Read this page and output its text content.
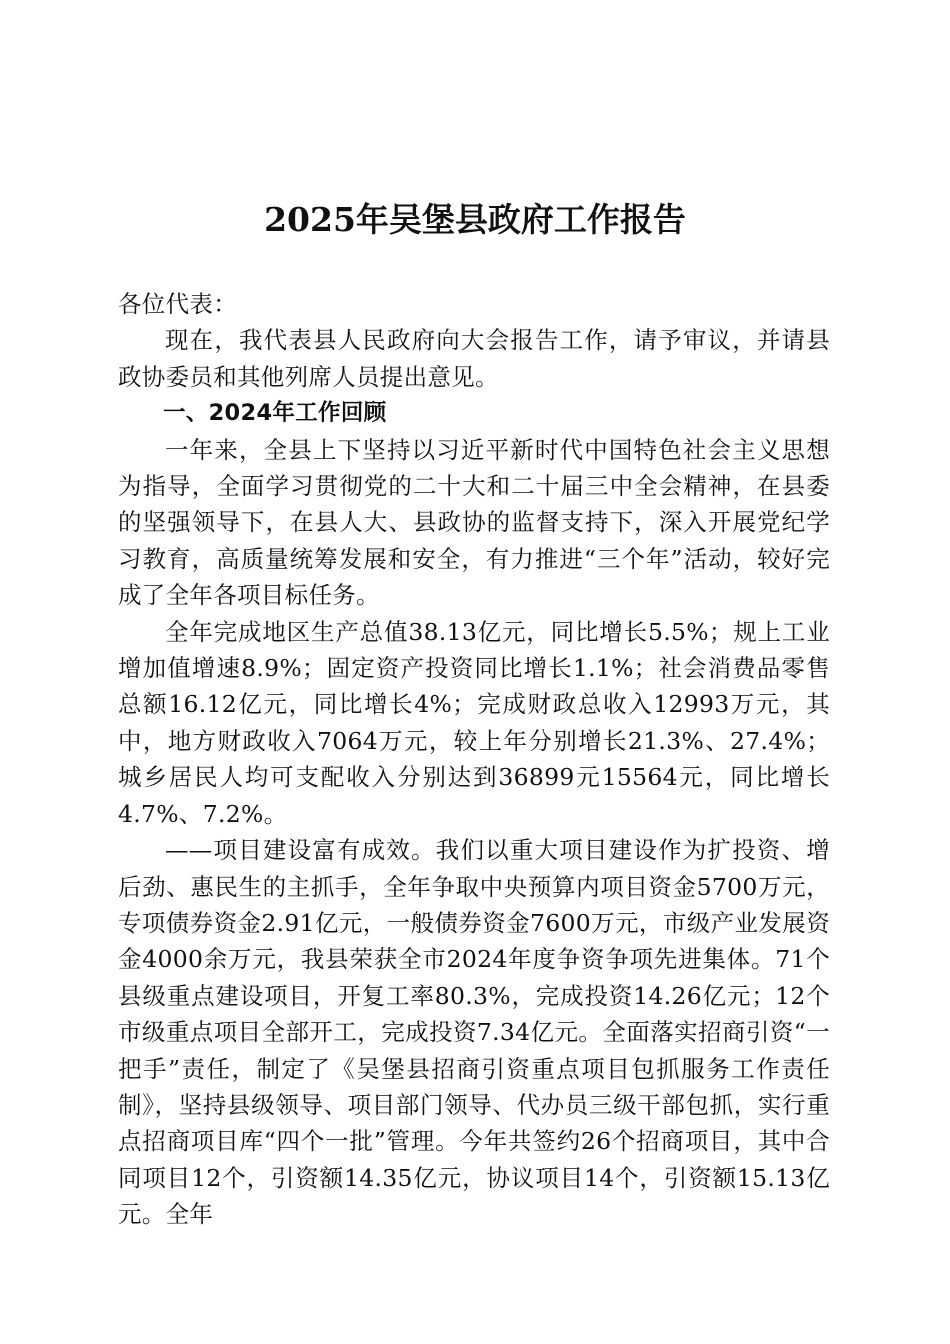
2025年吴堡县政府工作报告

各位代表：

现在，我代表县人民政府向大会报告工作，请予审议，并请县政协委员和其他列席人员提出意见。

一、2024年工作回顾

一年来，全县上下坚持以习近平新时代中国特色社会主义思想为指导，全面学习贯彻党的二十大和二十届三中全会精神，在县委的坚强领导下，在县人大、县政协的监督支持下，深入开展党纪学习教育，高质量统筹发展和安全，有力推进“三个年”活动，较好完成了全年各项目标任务。

全年完成地区生产总值38.13亿元，同比增长5.5%；规上工业增加值增速8.9%；固定资产投资同比增长1.1%；社会消费品零售总额16.12亿元，同比增长4%；完成财政总收入12993万元，其中，地方财政收入7064万元，较上年分别增长21.3%、27.4%；城乡居民人均可支配收入分别达到36899元15564元，同比增长4.7%、7.2%。

——项目建设富有成效。我们以重大项目建设作为扩投资、增后劲、惠民生的主抓手，全年争取中央预算内项目资金5700万元，专项债券资金2.91亿元，一般债券资金7600万元，市级产业发展资金4000余万元，我县荣获全市2024年度争资争项先进集体。71个县级重点建设项目，开复工率80.3%，完成投资14.26亿元；12个市级重点项目全部开工，完成投资7.34亿元。全面落实招商引资“一把手”责任，制定了《吴堡县招商引资重点项目包抓服务工作责任制》，坚持县级领导、项目部门领导、代办员三级干部包抓，实行重点招商项目库“四个一批”管理。今年共签约26个招商项目，其中合同项目12个，引资额14.35亿元，协议项目14个，引资额15.13亿元。全年
